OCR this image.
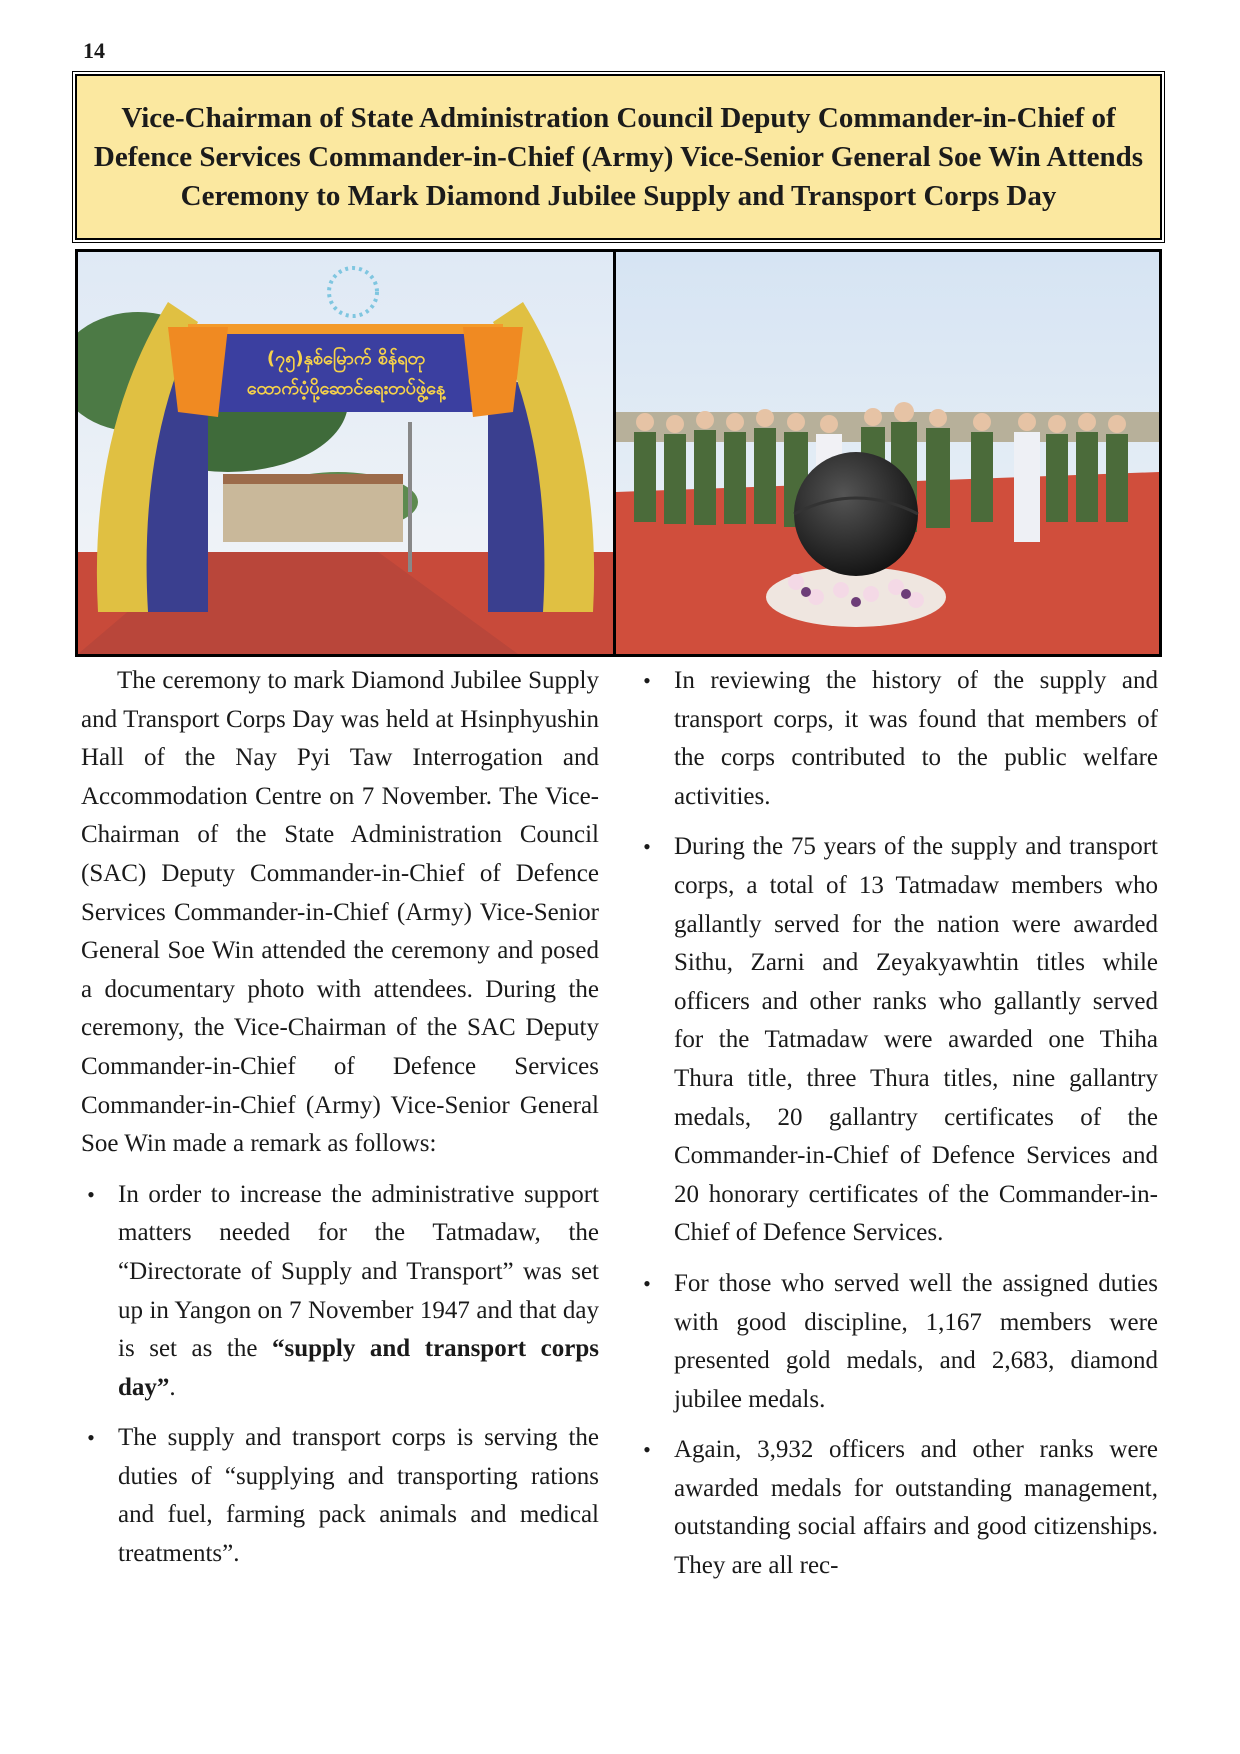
14
Vice-Chairman of State Administration Council Deputy Commander-in-Chief of Defence Services Commander-in-Chief (Army) Vice-Senior General Soe Win Attends Ceremony to Mark Diamond Jubilee Supply and Transport Corps Day
(၇၅)နှစ်မြောက် စိန်ရတု
ထောက်ပံ့ပို့ဆောင်ရေးတပ်ဖွဲ့နေ့

The ceremony to mark Diamond Jubilee Supply and Transport Corps Day was held at Hsinphyushin Hall of the Nay Pyi Taw Interrogation and Accommodation Centre on 7 November. The Vice-Chairman of the State Administration Council (SAC) Deputy Commander-in-Chief of Defence Services Commander-in-Chief (Army) Vice-Senior General Soe Win attended the ceremony and posed a documentary photo with attendees. During the ceremony, the Vice-Chairman of the SAC Deputy Commander-in-Chief of Defence Services Commander-in-Chief (Army) Vice-Senior General Soe Win made a remark as follows:

• In order to increase the administrative support matters needed for the Tatmadaw, the “Directorate of Supply and Transport” was set up in Yangon on 7 November 1947 and that day is set as the “supply and transport corps day”.
• The supply and transport corps is serving the duties of “supplying and transporting rations and fuel, farming pack animals and medical treatments”.
• In reviewing the history of the supply and transport corps, it was found that members of the corps contributed to the public welfare activities.
• During the 75 years of the supply and transport corps, a total of 13 Tatmadaw members who gallantly served for the nation were awarded Sithu, Zarni and Zeyakyawhtin titles while officers and other ranks who gallantly served for the Tatmadaw were awarded one Thiha Thura title, three Thura titles, nine gallantry medals, 20 gallantry certificates of the Commander-in-Chief of Defence Services and 20 honorary certificates of the Commander-in-Chief of Defence Services.
• For those who served well the assigned duties with good discipline, 1,167 members were presented gold medals, and 2,683, diamond jubilee medals.
• Again, 3,932 officers and other ranks were awarded medals for outstanding management, outstanding social affairs and good citizenships. They are all rec-
